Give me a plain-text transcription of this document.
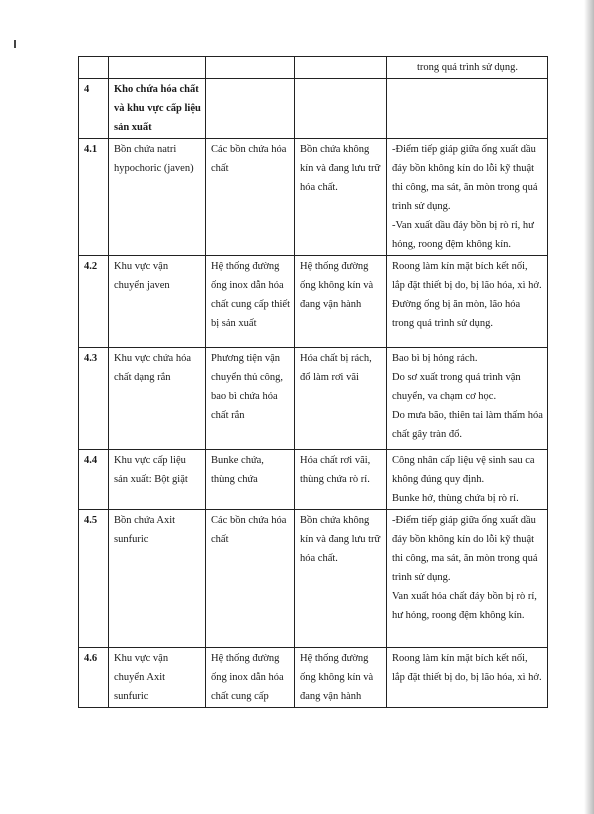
				trong quá trình sử dụng.

4	Kho chứa hóa chất và khu vực cấp liệu sản xuất			
4.1	Bồn chứa natri hypochoric (javen)	Các bồn chứa hóa chất	Bồn chứa không kín và đang lưu trữ hóa chất.	-Điểm tiếp giáp giữa ống xuất dầu đáy bồn không kín do lỗi kỹ thuật thi công, ma sát, ăn mòn trong quá trình sử dụng.
-Van xuất dầu đáy bồn bị rò rỉ, hư hỏng, roong đệm không kín.

4.2	Khu vực vận chuyển javen	Hệ thống đường ống inox dẫn hóa chất cung cấp thiết bị sản xuất	Hệ thống đường ống không kín và đang vận hành	Roong làm kín mặt bích kết nối, lắp đặt thiết bị do, bị lão hóa, xì hở.
Đường ống bị ăn mòn, lão hóa trong quá trình sử dụng.

4.3	Khu vực chứa hóa chất dạng rắn	Phương tiện vận chuyển thủ công, bao bì chứa hóa chất rắn	Hóa chất bị rách, đổ làm rơi vãi	Bao bì bị hỏng rách.
Do sơ xuất trong quá trình vận chuyển, va chạm cơ học.
Do mưa bão, thiên tai làm thấm hóa chất gây tràn đổ.

4.4	Khu vực cấp liệu sản xuất: Bột giặt	Bunke chứa, thùng chứa	Hóa chất rơi vãi, thùng chứa rò rỉ.	Công nhân cấp liệu vệ sinh sau ca không đúng quy định.
Bunke hở, thùng chứa bị rò rỉ.

4.5	Bồn chứa Axit sunfuric	Các bồn chứa hóa chất	Bồn chứa không kín và đang lưu trữ hóa chất.	-Điểm tiếp giáp giữa ống xuất dầu đáy bồn không kín do lỗi kỹ thuật thi công, ma sát, ăn mòn trong quá trình sử dụng.
Van xuất hóa chất đáy bồn bị rò rỉ, hư hỏng, roong đệm không kín.

4.6	Khu vực vận chuyển Axit sunfuric	Hệ thống đường ống inox dẫn hóa chất cung cấp	Hệ thống đường ống không kín và đang vận hành	Roong làm kín mặt bích kết nối, lắp đặt thiết bị do, bị lão hóa, xì hở.
